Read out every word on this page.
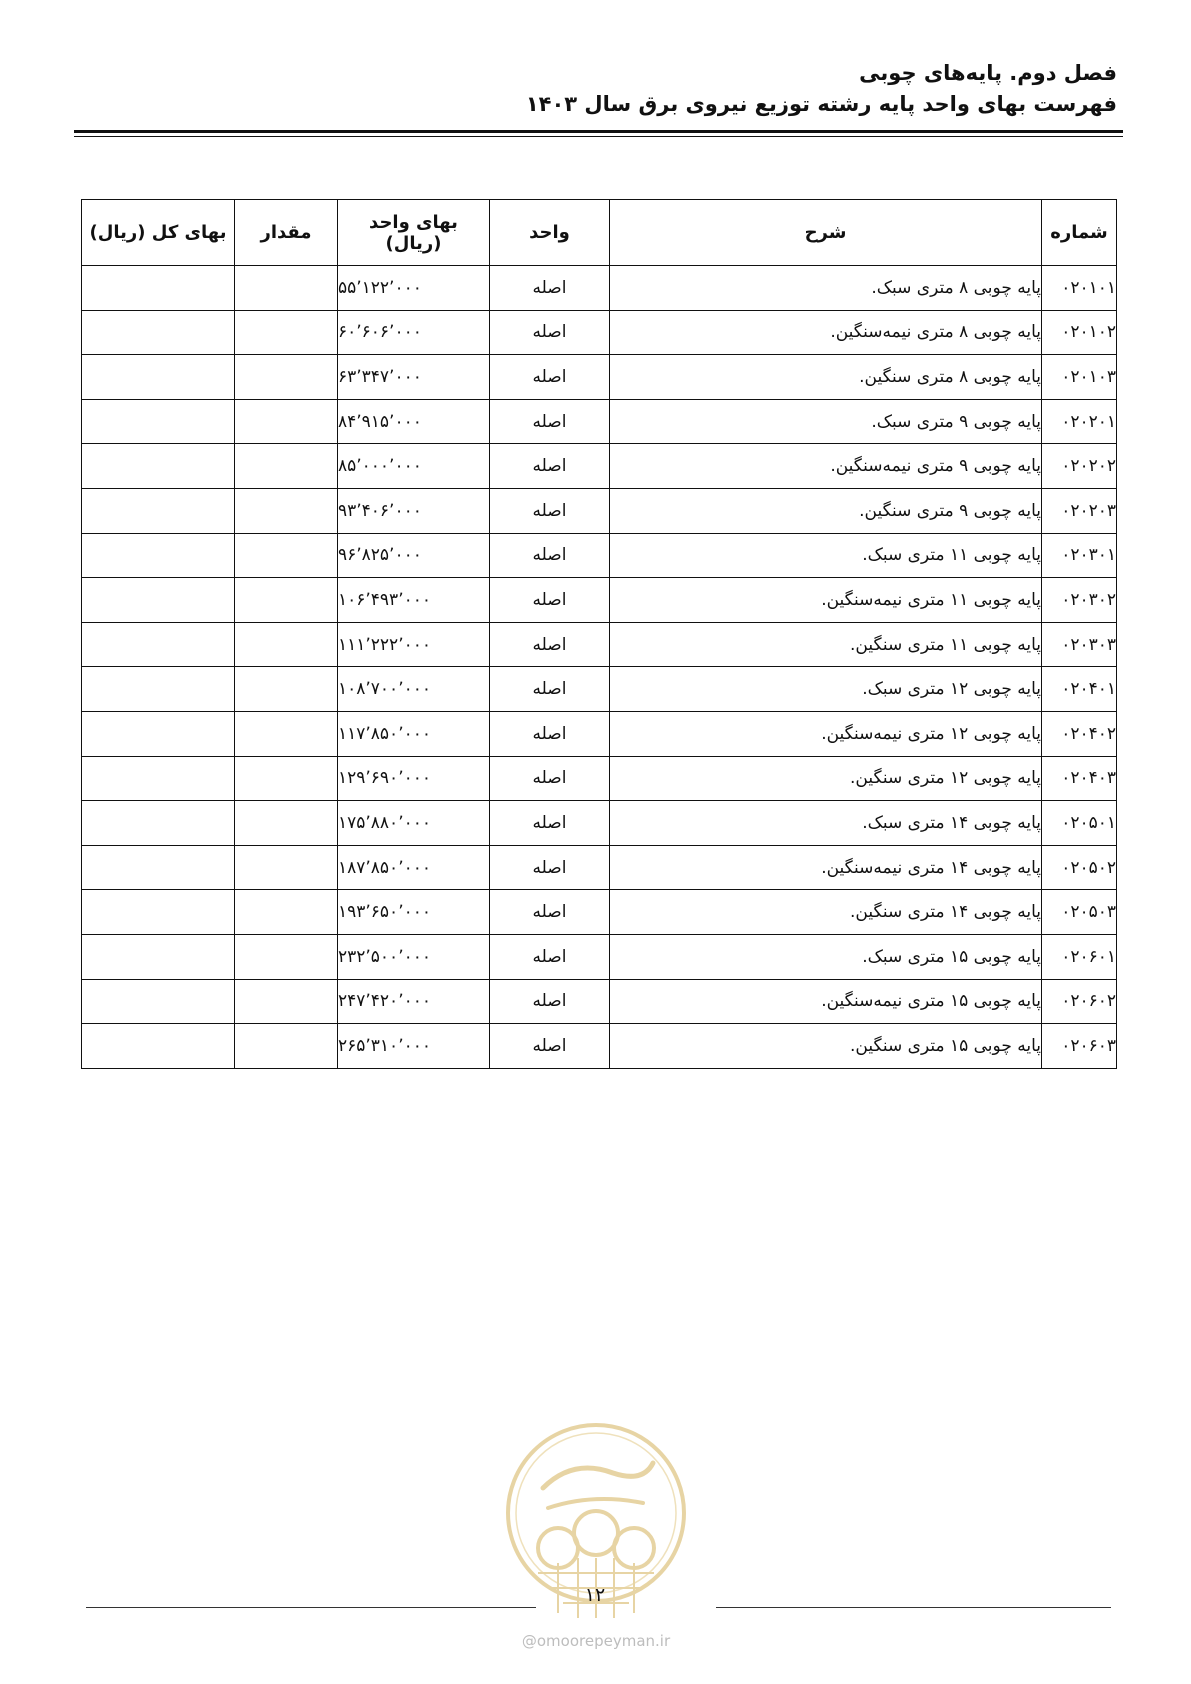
فصل دوم. پایه‌های چوبی
فهرست بهای واحد پایه رشته توزیع نیروی برق سال ۱۴۰۳
شماره	شرح	واحد	بهای واحد (ریال)	مقدار	بهای کل (ریال)
۰۲۰۱۰۱	پایه چوبی ۸ متری سبک.	اصله	۵۵٬۱۲۲٬۰۰۰		
۰۲۰۱۰۲	پایه چوبی ۸ متری نیمه‌سنگین.	اصله	۶۰٬۶۰۶٬۰۰۰		
۰۲۰۱۰۳	پایه چوبی ۸ متری سنگین.	اصله	۶۳٬۳۴۷٬۰۰۰		
۰۲۰۲۰۱	پایه چوبی ۹ متری سبک.	اصله	۸۴٬۹۱۵٬۰۰۰		
۰۲۰۲۰۲	پایه چوبی ۹ متری نیمه‌سنگین.	اصله	۸۵٬۰۰۰٬۰۰۰		
۰۲۰۲۰۳	پایه چوبی ۹ متری سنگین.	اصله	۹۳٬۴۰۶٬۰۰۰		
۰۲۰۳۰۱	پایه چوبی ۱۱ متری سبک.	اصله	۹۶٬۸۲۵٬۰۰۰		
۰۲۰۳۰۲	پایه چوبی ۱۱ متری نیمه‌سنگین.	اصله	۱۰۶٬۴۹۳٬۰۰۰		
۰۲۰۳۰۳	پایه چوبی ۱۱ متری سنگین.	اصله	۱۱۱٬۲۲۲٬۰۰۰		
۰۲۰۴۰۱	پایه چوبی ۱۲ متری سبک.	اصله	۱۰۸٬۷۰۰٬۰۰۰		
۰۲۰۴۰۲	پایه چوبی ۱۲ متری نیمه‌سنگین.	اصله	۱۱۷٬۸۵۰٬۰۰۰		
۰۲۰۴۰۳	پایه چوبی ۱۲ متری سنگین.	اصله	۱۲۹٬۶۹۰٬۰۰۰		
۰۲۰۵۰۱	پایه چوبی ۱۴ متری سبک.	اصله	۱۷۵٬۸۸۰٬۰۰۰		
۰۲۰۵۰۲	پایه چوبی ۱۴ متری نیمه‌سنگین.	اصله	۱۸۷٬۸۵۰٬۰۰۰		
۰۲۰۵۰۳	پایه چوبی ۱۴ متری سنگین.	اصله	۱۹۳٬۶۵۰٬۰۰۰		
۰۲۰۶۰۱	پایه چوبی ۱۵ متری سبک.	اصله	۲۳۲٬۵۰۰٬۰۰۰		
۰۲۰۶۰۲	پایه چوبی ۱۵ متری نیمه‌سنگین.	اصله	۲۴۷٬۴۲۰٬۰۰۰		
۰۲۰۶۰۳	پایه چوبی ۱۵ متری سنگین.	اصله	۲۶۵٬۳۱۰٬۰۰۰		
۱۲
@omoorepeyman.ir
